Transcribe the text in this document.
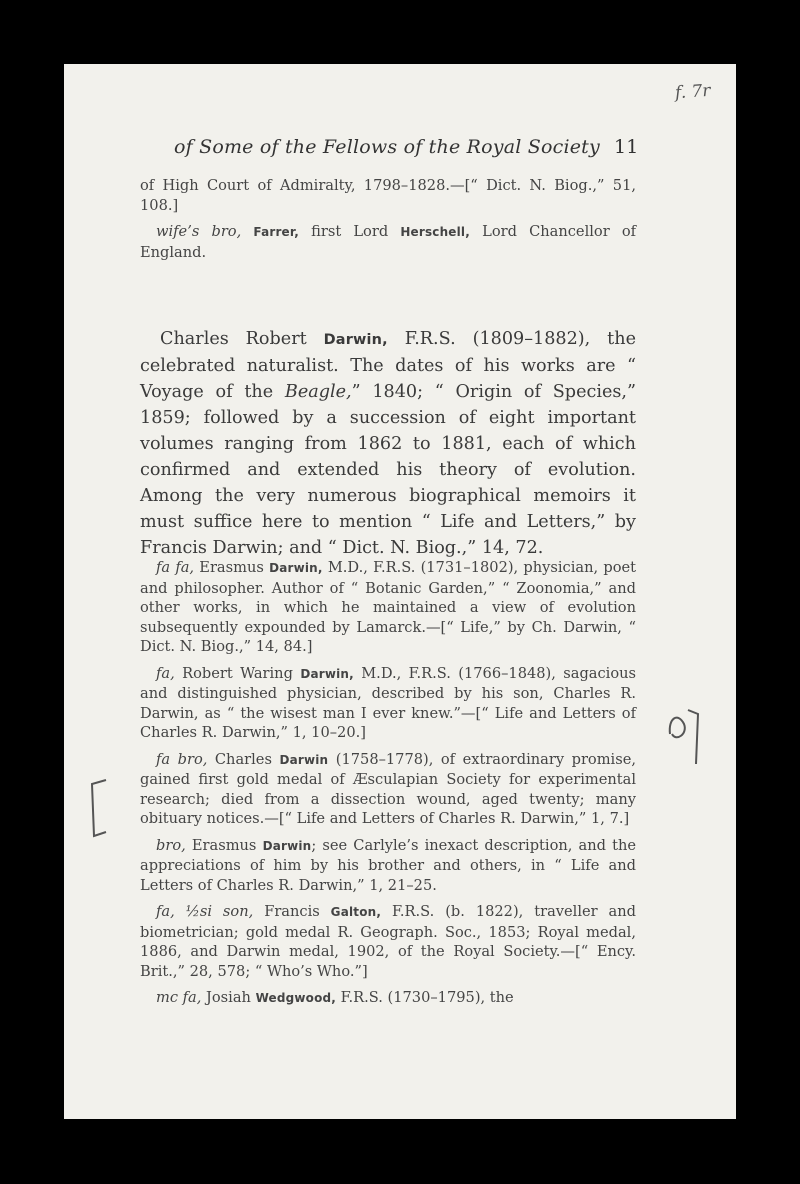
f. 7r
of Some of the Fellows of the Royal Society 11

of High Court of Admiralty, 1798–1828.—[“ Dict. N. Biog.,” 51, 108.]

wife’s bro, Farrer, first Lord Herschell, Lord Chancellor of England.

Charles Robert Darwin, F.R.S. (1809–1882), the celebrated naturalist. The dates of his works are “ Voyage of the Beagle,” 1840; “ Origin of Species,” 1859; followed by a succession of eight important volumes ranging from 1862 to 1881, each of which confirmed and extended his theory of evolution. Among the very numerous biographical memoirs it must suffice here to mention “ Life and Letters,” by Francis Darwin; and “ Dict. N. Biog.,” 14, 72.

fa fa, Erasmus Darwin, M.D., F.R.S. (1731–1802), physician, poet and philosopher. Author of “ Botanic Garden,” “ Zoonomia,” and other works, in which he maintained a view of evolution subsequently expounded by Lamarck.—[“ Life,” by Ch. Darwin, “ Dict. N. Biog.,” 14, 84.]

fa, Robert Waring Darwin, M.D., F.R.S. (1766–1848), sagacious and distinguished physician, described by his son, Charles R. Darwin, as “ the wisest man I ever knew.”—[“ Life and Letters of Charles R. Darwin,” 1, 10–20.]

fa bro, Charles Darwin (1758–1778), of extraordinary promise, gained first gold medal of Æsculapian Society for experimental research; died from a dissection wound, aged twenty; many obituary notices.—[“ Life and Letters of Charles R. Darwin,” 1, 7.]

bro, Erasmus Darwin; see Carlyle’s inexact description, and the appreciations of him by his brother and others, in “ Life and Letters of Charles R. Darwin,” 1, 21–25.

fa, ½si son, Francis Galton, F.R.S. (b. 1822), traveller and biometrician; gold medal R. Geograph. Soc., 1853; Royal medal, 1886, and Darwin medal, 1902, of the Royal Society.—[“ Ency. Brit.,” 28, 578; “ Who’s Who.”]

mc fa, Josiah Wedgwood, F.R.S. (1730–1795), the
